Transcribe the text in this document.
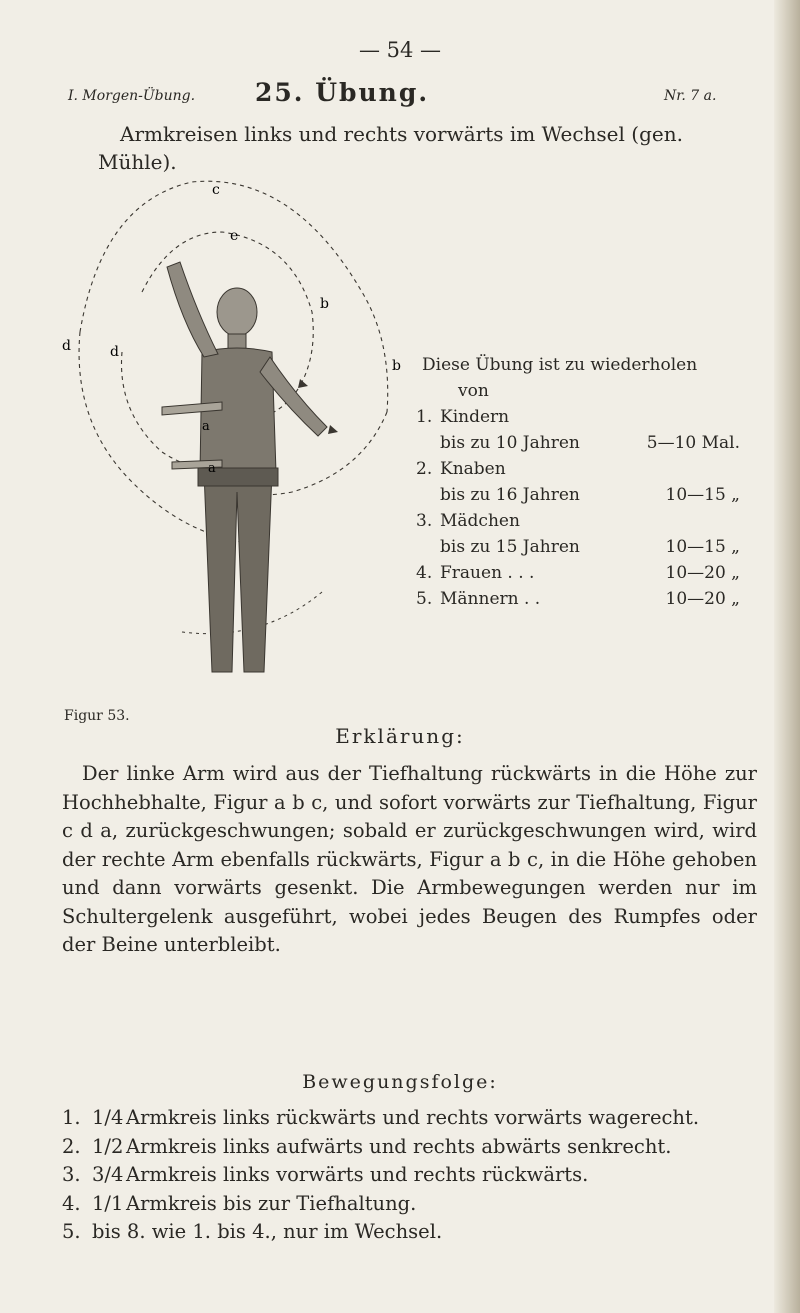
— 54 —
I. Morgen-Übung. 25. Übung.	Nr. 7 a.
Armkreisen links und rechts vorwärts im Wechsel (gen. Mühle).
c
e
d	d
b
b
a
a
Diese Übung ist zu wiederholen
von
1. Kindern
bis zu 10 Jahren	5—10 Mal.
2. Knaben
bis zu 16 Jahren	10—15 „
3. Mädchen
bis zu 15 Jahren	10—15 „
4. Frauen . . .	10—20 „
5. Männern . .	10—20 „
Figur 53.
Erklärung:
Der linke Arm wird aus der Tiefhaltung rückwärts in die Höhe zur Hochhebhalte, Figur a b c, und sofort vorwärts zur Tiefhaltung, Figur c d a, zurückgeschwungen; sobald er zurückgeschwungen wird, wird der rechte Arm ebenfalls rückwärts, Figur a b c, in die Höhe gehoben und dann vorwärts gesenkt. Die Armbewegungen werden nur im Schultergelenk ausgeführt, wobei jedes Beugen des Rumpfes oder der Beine unterbleibt.
Bewegungsfolge:
1. 1/4 Armkreis links rückwärts und rechts vorwärts wagerecht.
2. 1/2 Armkreis links aufwärts und rechts abwärts senkrecht.
3. 3/4 Armkreis links vorwärts und rechts rückwärts.
4. 1/1 Armkreis bis zur Tiefhaltung.
5. bis 8. wie 1. bis 4., nur im Wechsel.
